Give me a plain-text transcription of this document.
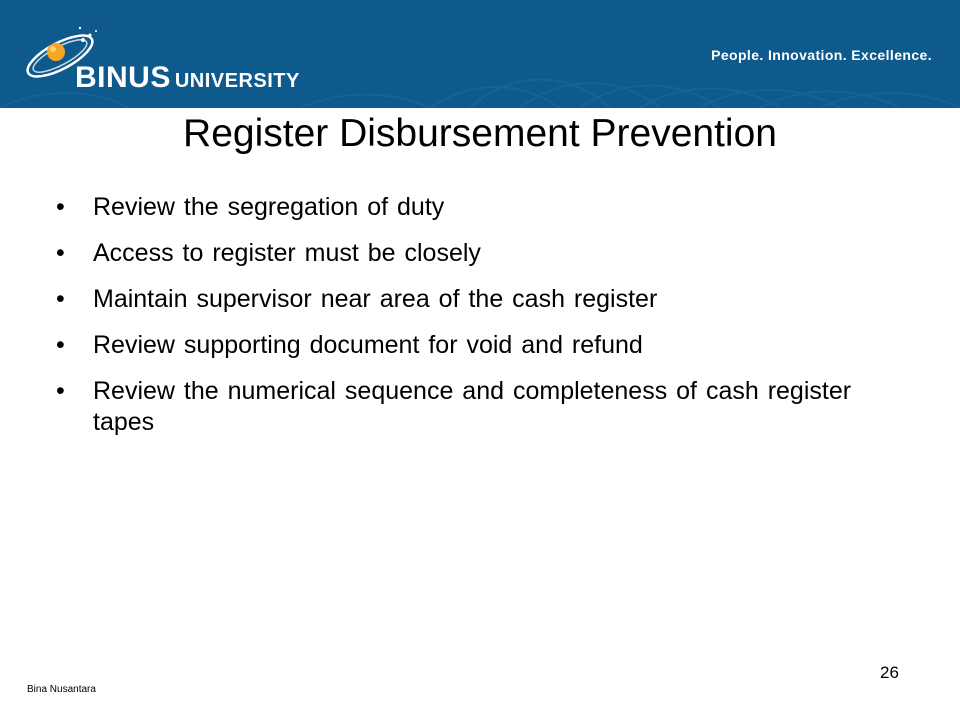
BINUS UNIVERSITY
People. Innovation. Excellence.
Register Disbursement Prevention
• Review the segregation of duty
• Access to register must be closely
• Maintain supervisor near area of the cash register
• Review supporting document for void and refund
• Review the numerical sequence and completeness of cash register tapes
Bina Nusantara
26
